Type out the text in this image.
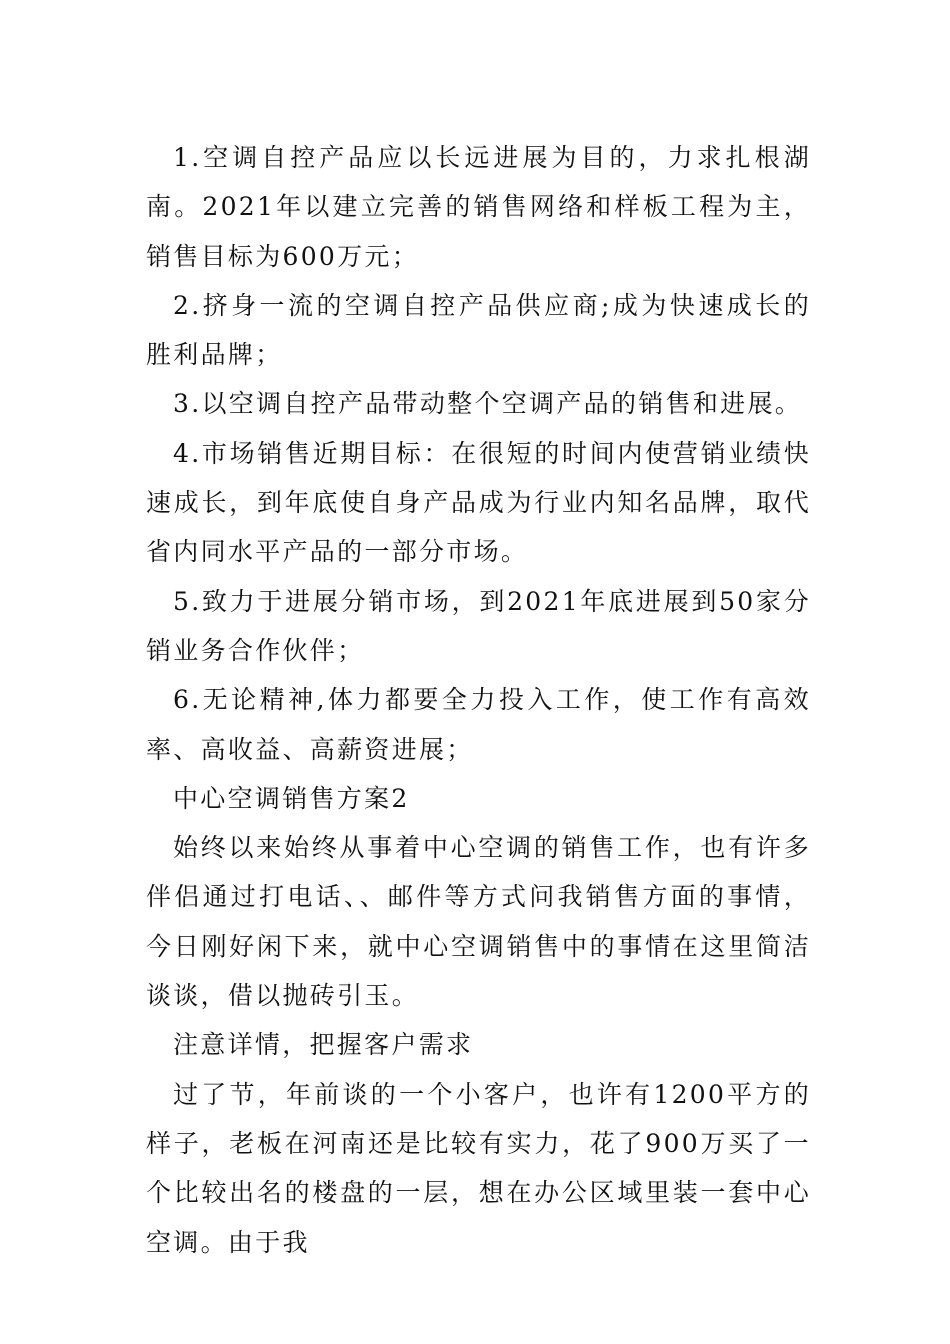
1.空调自控产品应以长远进展为目的，力求扎根湖南。2021年以建立完善的销售网络和样板工程为主，销售目标为600万元；

2.挤身一流的空调自控产品供应商;成为快速成长的胜利品牌；

3.以空调自控产品带动整个空调产品的销售和进展。

4.市场销售近期目标：在很短的时间内使营销业绩快速成长，到年底使自身产品成为行业内知名品牌，取代省内同水平产品的一部分市场。

5.致力于进展分销市场，到2021年底进展到50家分销业务合作伙伴；

6.无论精神,体力都要全力投入工作，使工作有高效率、高收益、高薪资进展；

中心空调销售方案2

始终以来始终从事着中心空调的销售工作，也有许多伴侣通过打电话、、邮件等方式问我销售方面的事情，今日刚好闲下来，就中心空调销售中的事情在这里简洁谈谈，借以抛砖引玉。

注意详情，把握客户需求

过了节，年前谈的一个小客户，也许有1200平方的样子，老板在河南还是比较有实力，花了900万买了一个比较出名的楼盘的一层，想在办公区域里装一套中心空调。由于我
